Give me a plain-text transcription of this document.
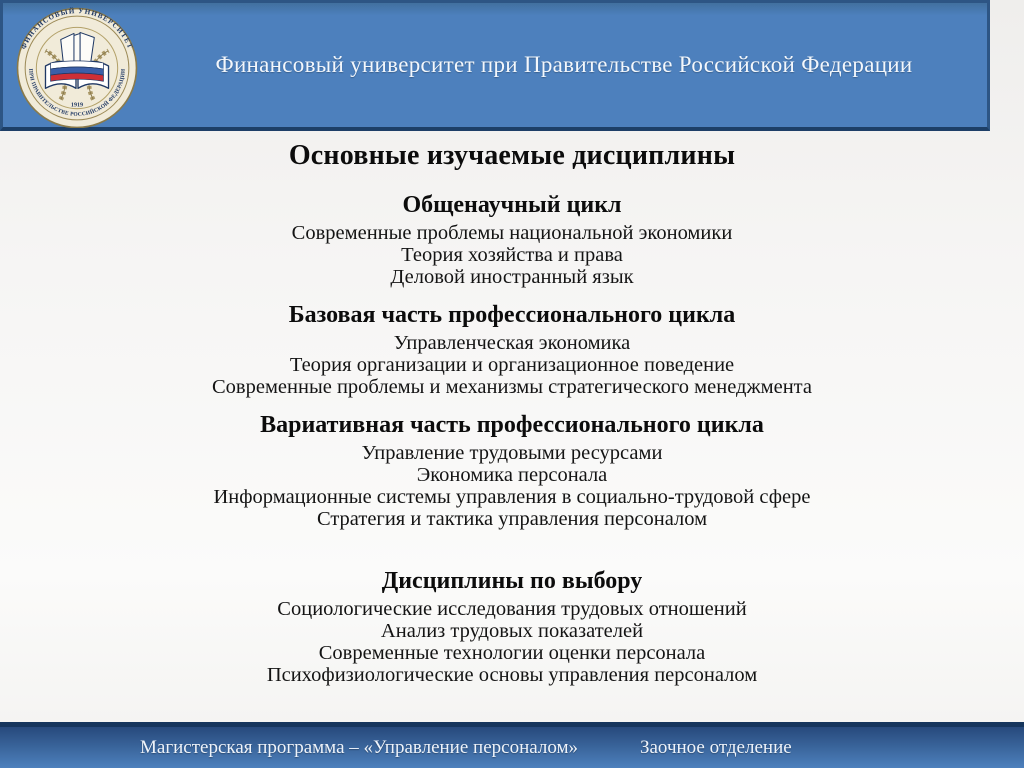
ФИНАНСОВЫЙ УНИВЕРСИТЕТ
ПРИ ПРАВИТЕЛЬСТВЕ РОССИЙСКОЙ ФЕДЕРАЦИИ
1919
Финансовый университет при Правительстве Российской Федерации
Основные изучаемые дисциплины
Общенаучный цикл

Современные проблемы национальной экономики

Теория хозяйства и права

Деловой иностранный язык

Базовая часть профессионального цикла

Управленческая экономика

Теория организации и организационное поведение

Современные проблемы и механизмы стратегического менеджмента

Вариативная часть профессионального цикла

Управление трудовыми ресурсами

Экономика персонала

Информационные системы управления в социально-трудовой сфере

Стратегия и тактика управления персоналом

Дисциплины по выбору

Социологические исследования трудовых отношений

Анализ трудовых показателей

Современные технологии оценки персонала

Психофизиологические основы управления персоналом

Магистерская программа – «Управление персоналом»	Заочное отделение
